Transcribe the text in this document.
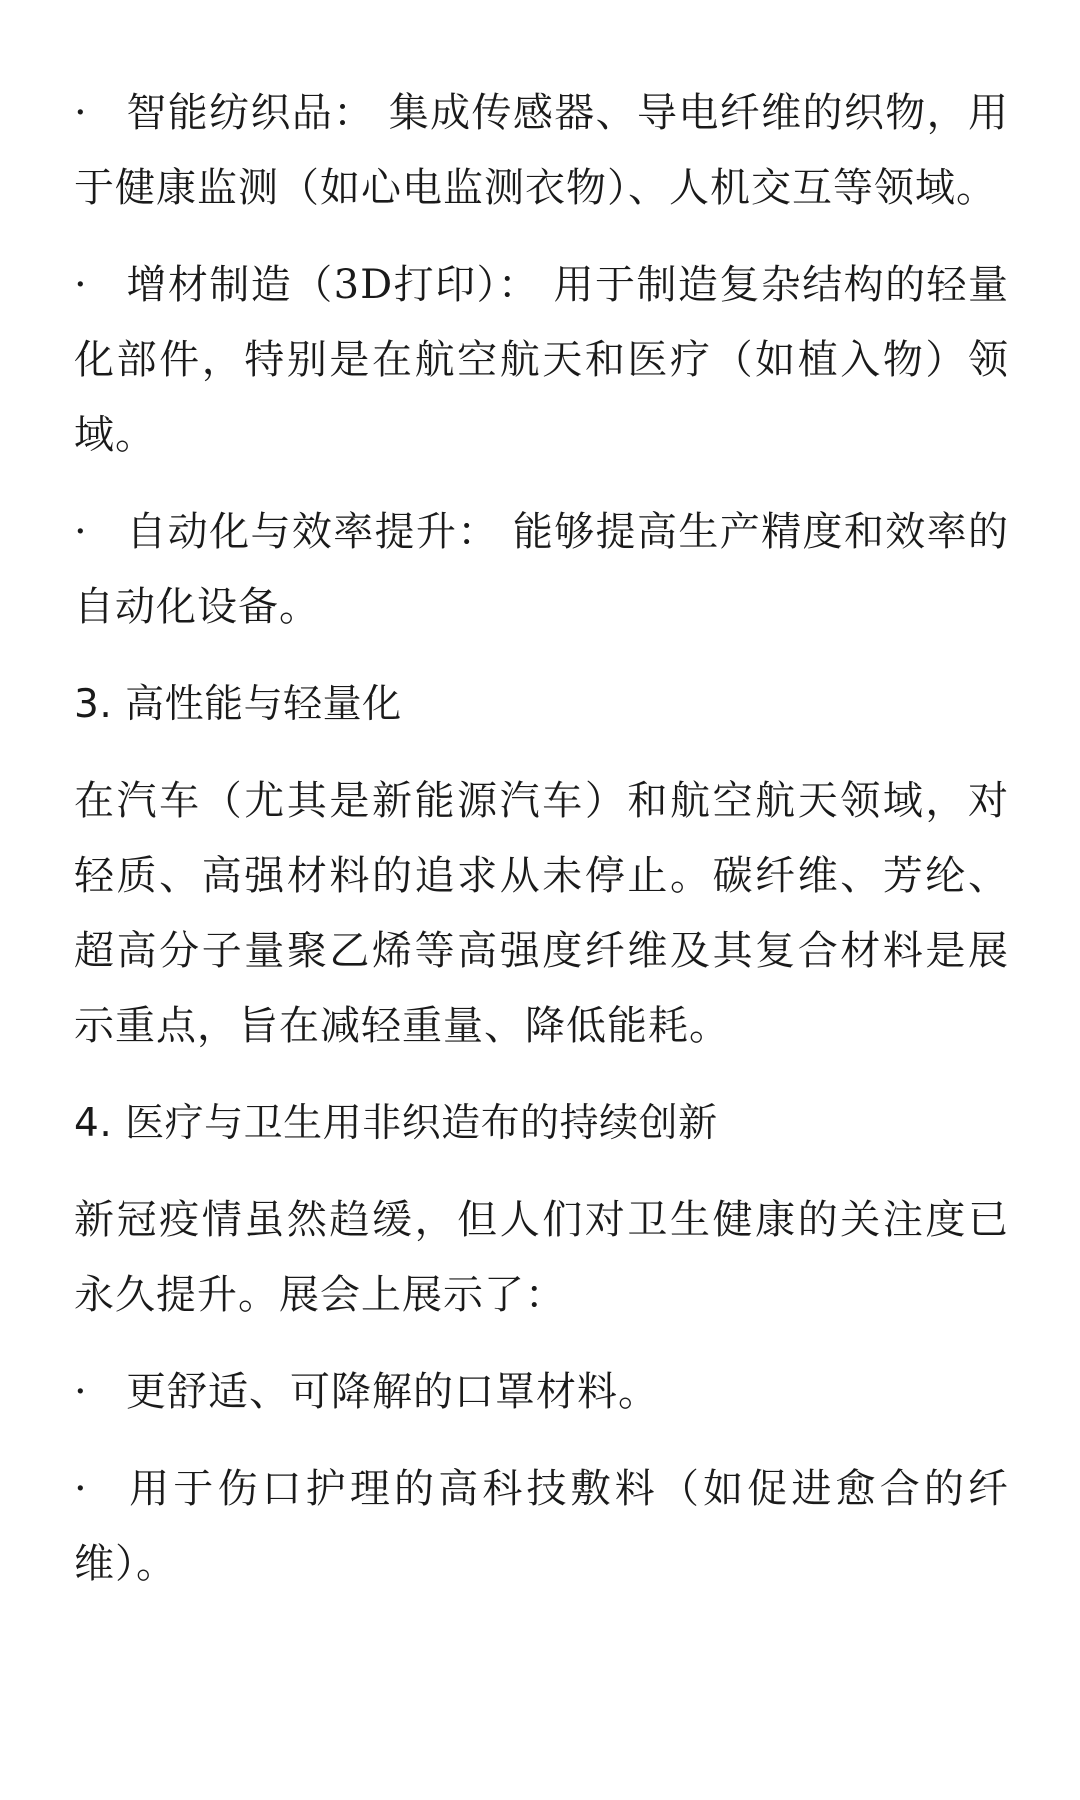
· 智能纺织品： 集成传感器、导电纤维的织物，用于健康监测（如心电监测衣物）、人机交互等领域。

· 增材制造（3D打印）： 用于制造复杂结构的轻量化部件，特别是在航空航天和医疗（如植入物）领域。

· 自动化与效率提升： 能够提高生产精度和效率的自动化设备。

3. 高性能与轻量化

在汽车（尤其是新能源汽车）和航空航天领域，对轻质、高强材料的追求从未停止。碳纤维、芳纶、超高分子量聚乙烯等高强度纤维及其复合材料是展示重点，旨在减轻重量、降低能耗。

4. 医疗与卫生用非织造布的持续创新

新冠疫情虽然趋缓，但人们对卫生健康的关注度已永久提升。展会上展示了：

· 更舒适、可降解的口罩材料。

· 用于伤口护理的高科技敷料（如促进愈合的纤维）。
